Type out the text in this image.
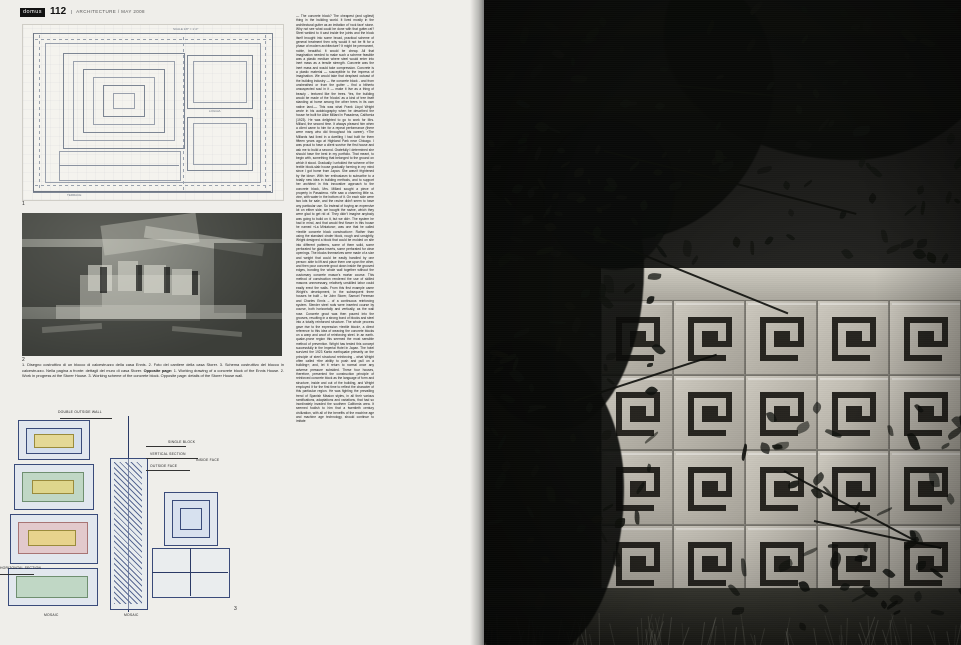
domus 112	ARCHITECTURE / MAY 2008
SCALE 1/8" = 1'-0"
LOGGIA
TERRACE
1
2
1. Disegno costruttivo di un blocco di calcestruzzo della casa Ennis. 2. Foto del cantiere della casa Storer. 3. Schema costruttivo del blocco in calcestruzzo. Nella pagina a fronte: dettagli del muro di casa Storer. Opposite page: 1. Working drawing of a concrete block of the Ennis House. 2. Work in progress at the Storer House. 3. Working scheme of the concrete block. Opposite page: details of the Storer House wall.
DOUBLE OUTSIDE WALL
SINGLE BLOCK
VERTICAL SECTION
OUTSIDE FACE
INSIDE FACE
HORIZONTAL SECTION
MOSAIC	MOSAIC
3
— The concrete block? The cheapest (and ugliest) thing in the building world. It lived mostly in the architectural gutter as an imitation of 'rock face' stone. Why not see what could be done with that gutter-rat? Steel welded to it cast inside the joints and the block itself brought into some broad, practical scheme of general treatment then why would it not be fit for a phase of modern architecture? It might be permanent, noble, beautiful. It would be cheap. All that imagination needed to make such a scheme feasible was a plastic medium where steel would enter into inert mass as a tensile strength. Concrete was the inert mass and would take compression. Concrete is a plastic material — susceptible to the impress of imagination. We would take that despised outcast of the building industry — the concrete block - and from unsheathed or from the gutter – find a hitherto unsuspected soul in it — make it live as a thing of beauty - textured like the trees. Yes, the building would be made of the 'blocks' as a kind of tree itself standing at home among the other trees in its own native land.— This was what Frank Lloyd Wright wrote in his autobiography when he described the house he built for Alice Millard in Pasadena, California (1923). He was delighted to go to work for Mrs. Millard, the second time. It always pleased him when a client came to him for a repeat performance (there were many who did throughout his career). «The Millards had lived in a dwelling I had built for them fifteen years ago at Highland Park near Chicago. I was proud to have a client survive the first house and ask me to build a second. Gratefully I determined she should have the best in my portfolio. That meant, to begin with, something that belonged to the ground on which it stood. Gradually I unfolded the scheme of the textile block-slab house gradually forming in my mind since I got home from Japan. She wasn't frightened by the idea». With her enthusiasm to subscribe to a totally new idea in building methods, and to support her architect in this innovative approach to the concrete block, Mrs. Millard sought a piece of property in Pasadena. «We saw a charming little ravine, with water in the bottom of it. On each side were two lots for sale, and the ravine didn't seem to have any particular use. So instead of buying an expensive lot on either side, we bought the ravine, which they were glad to get rid of. They didn't imagine anybody was going to build on it, but we did». The system he had in mind, and that would first flower in this house he named «La Miniatura», was one that he called «textile concrete block construction». Rather than using the standard cinder block, rough and unsightly, Wright designed a block that could be molded on site into different patterns, some of them solid, some perforated for glass inserts, some perforated for clear openings. The blocks themselves were made of a size and weight that could be easily handled by one person: able to lift and place them one upon the other, and then pour concrete grout down inside the grooved edges, bonding the whole wall together without the customary concrete mason's mortar course. This method of construction rendered the use of skilled masons unnecessary, relatively unskilled labor could easily erect the walls. From this first example came Wright's development, in the subsequent three houses he built – for John Storer, Samuel Freeman and Charles Ennis – of a continuous reinforcing system. Slender steel rods were inserted course by course, both horizontally and vertically, as the wall rose. Concrete grout was then poured into the grooves, resulting in a strong bond of blocks and steel into a totally reinforced structure. The whole process gave rise to the expression «textile block», a direct reference to this idea of weaving the concrete blocks on a warp and woof of reinforcing steel. In an earthquake-prone region this seemed the most sensible method of prevention. Wright has tested this concept successfully in the Imperial Hotel in Japan. The hotel survived the 1923 Kanto earthquake primarily on the principle of steel structural reinforcing - what Wright often called «the ability to push and pull on a building»; and, let it return to normal once any adverse pressure subsided. These four houses, therefore, presented the construction principle of reinforced concrete block as the language of form and structure, inside and out of the building, and Wright employed it for the first time to reflect the character of this particular region. He was fighting the prevailing trend of Spanish Mission styles, in all their various ramifications, adaptations and variations, that had so inordinately invaded the southern California area. It seemed foolish to him that a twentieth century civilization, with all of the benefits of the machine age and machine age technology, should continue to imitate
